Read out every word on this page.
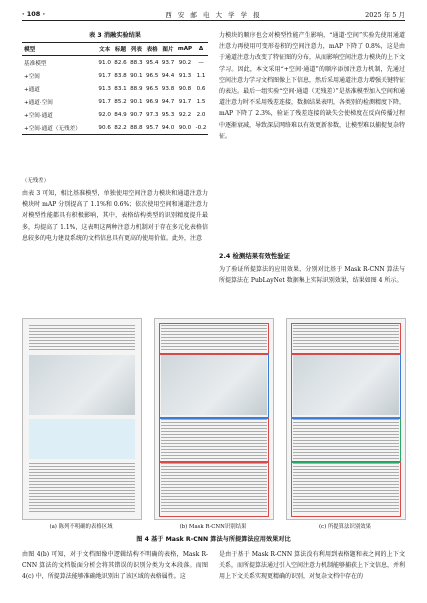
· 108 ·	西 安 邮 电 大 学 学 报	2025 年 5 月
表 3 消融实验结果
模型	文本	标题	列表	表格	图片	mAP	Δ
基准模型	91.0	82.6	88.3	95.4	93.7	90.2	—
+空间	91.7	83.8	90.1	96.5	94.4	91.3	1.1
+通道	91.3	83.1	88.9	96.5	93.8	90.8	0.6
+通道·空间	91.7	85.2	90.1	96.9	94.7	91.7	1.5
+空间·通道	92.0	84.9	90.7	97.3	95.3	92.2	2.0
+空间·通道（无残差）	90.6	82.2	88.8	95.7	94.0	90.0	-0.2
（无残差）

由表 3 可知，相比基准模型，单独使用空间注意力模块和通道注意力模块时 mAP 分别提高了 1.1%和 0.6%；依次使用空间和通道注意力对模型性能都具有积极影响，其中，表格结构类型的识别精度提升最多，均提高了 1.1%，这表明这两种注意力机制对于存在多元化表格信息较多的电力建设系统的文档信息具有更高的使用价值。此外，注意

力模块的顺序也会对模型性能产生影响，“通道·空间”实验先使用通道注意力再使用可变形卷积的空间注意力，mAP 下降了 0.8%，这是由于通道注意力改变了特征图的分布，从而影响空间注意力模块的上下文学习。因此，本文采用“+空间·通道”的顺序添加注意力机制，先通过空间注意力学习文档图像上下信息，然后采用通道注意力增强关键特征的表达。最后一组实验“空间·通道（无残差）”是基准模型加入空间和通道注意力时不采用残差连接，数据结果表明，各类别的检测精度下降，mAP 下降了 2.3%，验证了残差连接的缺失会使梯度在反向传播过程中逐渐衰减，导致深层网络难以有效更新参数，让模型难以捕捉复杂特征。

2.4 检测结果有效性验证

为了验证所提算法的应用效果，分别对比基于 Mask R-CNN 算法与所提算法在 PubLayNet 数据集上实际识别效果，结果如图 4 所示。

(a) 陈列不明确的表格区域	(b) Mask R-CNN识别结果	(c) 所提算法识别效果
图 4 基于 Mask R-CNN 算法与所提算法应用效果对比

由图 4(b) 可知，对于文档图像中逻辑结构不明确的表格，Mask R-CNN 算法的文档版面分析会将其错误的识别分类为文本段落。而图 4(c) 中，所提算法能够准确地识别出了该区域的表格属性。这

是由于基于 Mask R-CNN 算法没有利用到表格题和表之间的上下文关系，而所提算法通过引入空间注意力机制能够捕获上下文信息，并利用上下文关系实现更精确的识别，对复杂文档中存在的
